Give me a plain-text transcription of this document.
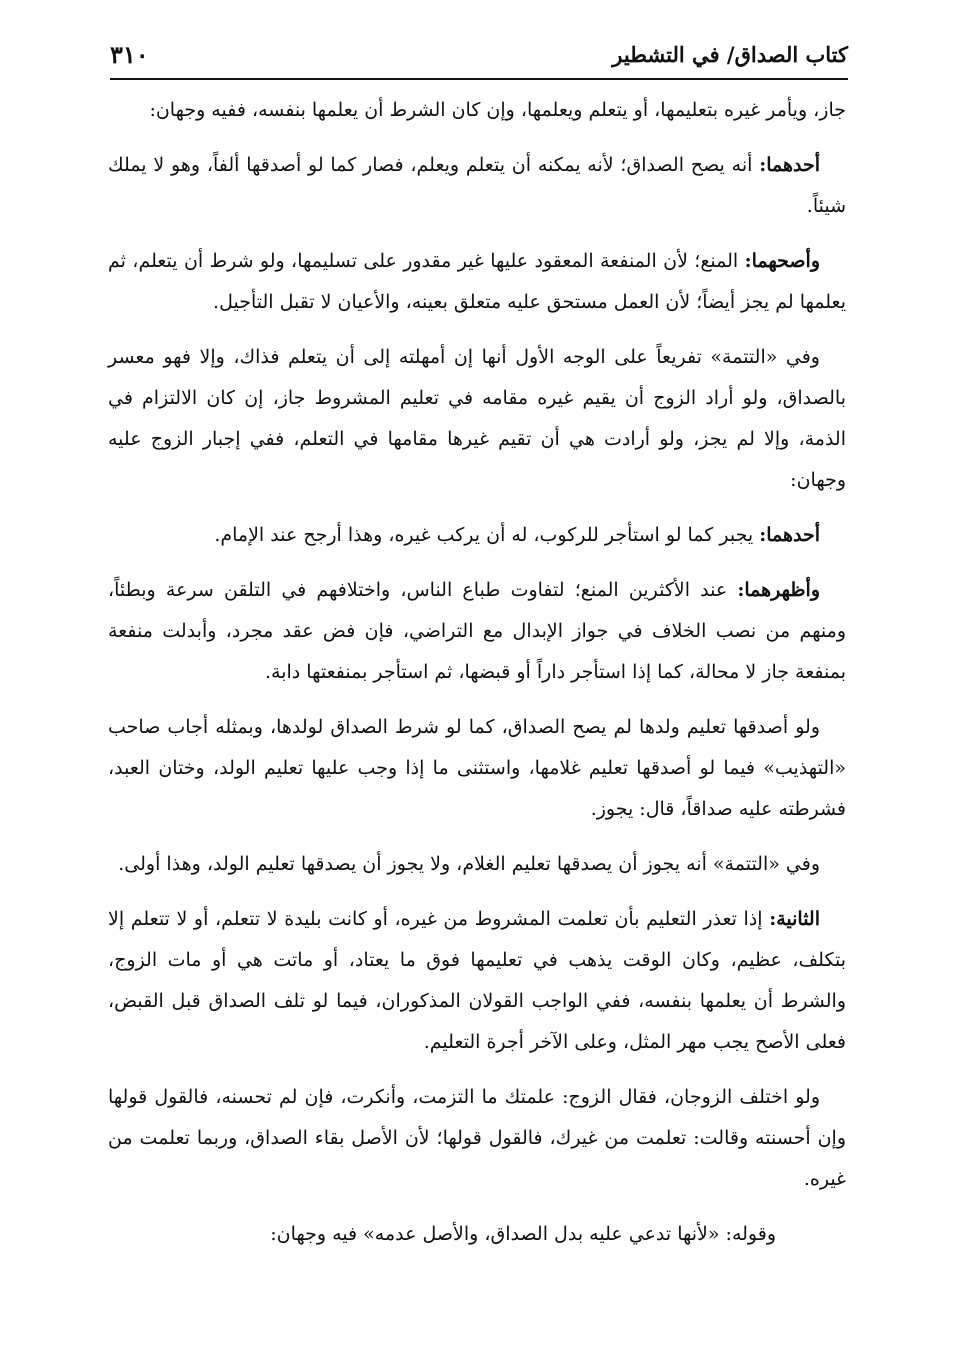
كتاب الصداق/ في التشطير
٣١٠

جاز، ويأمر غيره بتعليمها، أو يتعلم ويعلمها، وإن كان الشرط أن يعلمها بنفسه، ففيه وجهان:

أحدهما: أنه يصح الصداق؛ لأنه يمكنه أن يتعلم ويعلم، فصار كما لو أصدقها ألفاً، وهو لا يملك شيئاً.

وأصحهما: المنع؛ لأن المنفعة المعقود عليها غير مقدور على تسليمها، ولو شرط أن يتعلم، ثم يعلمها لم يجز أيضاً؛ لأن العمل مستحق عليه متعلق بعينه، والأعيان لا تقبل التأجيل.

وفي «التتمة» تفريعاً على الوجه الأول أنها إن أمهلته إلى أن يتعلم فذاك، وإلا فهو معسر بالصداق، ولو أراد الزوج أن يقيم غيره مقامه في تعليم المشروط جاز، إن كان الالتزام في الذمة، وإلا لم يجز، ولو أرادت هي أن تقيم غيرها مقامها في التعلم، ففي إجبار الزوج عليه وجهان:

أحدهما: يجبر كما لو استأجر للركوب، له أن يركب غيره، وهذا أرجح عند الإمام.

وأظهرهما: عند الأكثرين المنع؛ لتفاوت طباع الناس، واختلافهم في التلقن سرعة وبطئاً، ومنهم من نصب الخلاف في جواز الإبدال مع التراضي، فإن فض عقد مجرد، وأبدلت منفعة بمنفعة جاز لا محالة، كما إذا استأجر داراً أو قبضها، ثم استأجر بمنفعتها دابة.

ولو أصدقها تعليم ولدها لم يصح الصداق، كما لو شرط الصداق لولدها، وبمثله أجاب صاحب «التهذيب» فيما لو أصدقها تعليم غلامها، واستثنى ما إذا وجب عليها تعليم الولد، وختان العبد، فشرطته عليه صداقاً، قال: يجوز.

وفي «التتمة» أنه يجوز أن يصدقها تعليم الغلام، ولا يجوز أن يصدقها تعليم الولد، وهذا أولى.

الثانية: إذا تعذر التعليم بأن تعلمت المشروط من غيره، أو كانت بليدة لا تتعلم، أو لا تتعلم إلا بتكلف، عظيم، وكان الوقت يذهب في تعليمها فوق ما يعتاد، أو ماتت هي أو مات الزوج، والشرط أن يعلمها بنفسه، ففي الواجب القولان المذكوران، فيما لو تلف الصداق قبل القبض، فعلى الأصح يجب مهر المثل، وعلى الآخر أجرة التعليم.

ولو اختلف الزوجان، فقال الزوج: علمتك ما التزمت، وأنكرت، فإن لم تحسنه، فالقول قولها وإن أحسنته وقالت: تعلمت من غيرك، فالقول قولها؛ لأن الأصل بقاء الصداق، وربما تعلمت من غيره.

وقوله: «لأنها تدعي عليه بدل الصداق، والأصل عدمه» فيه وجهان:
